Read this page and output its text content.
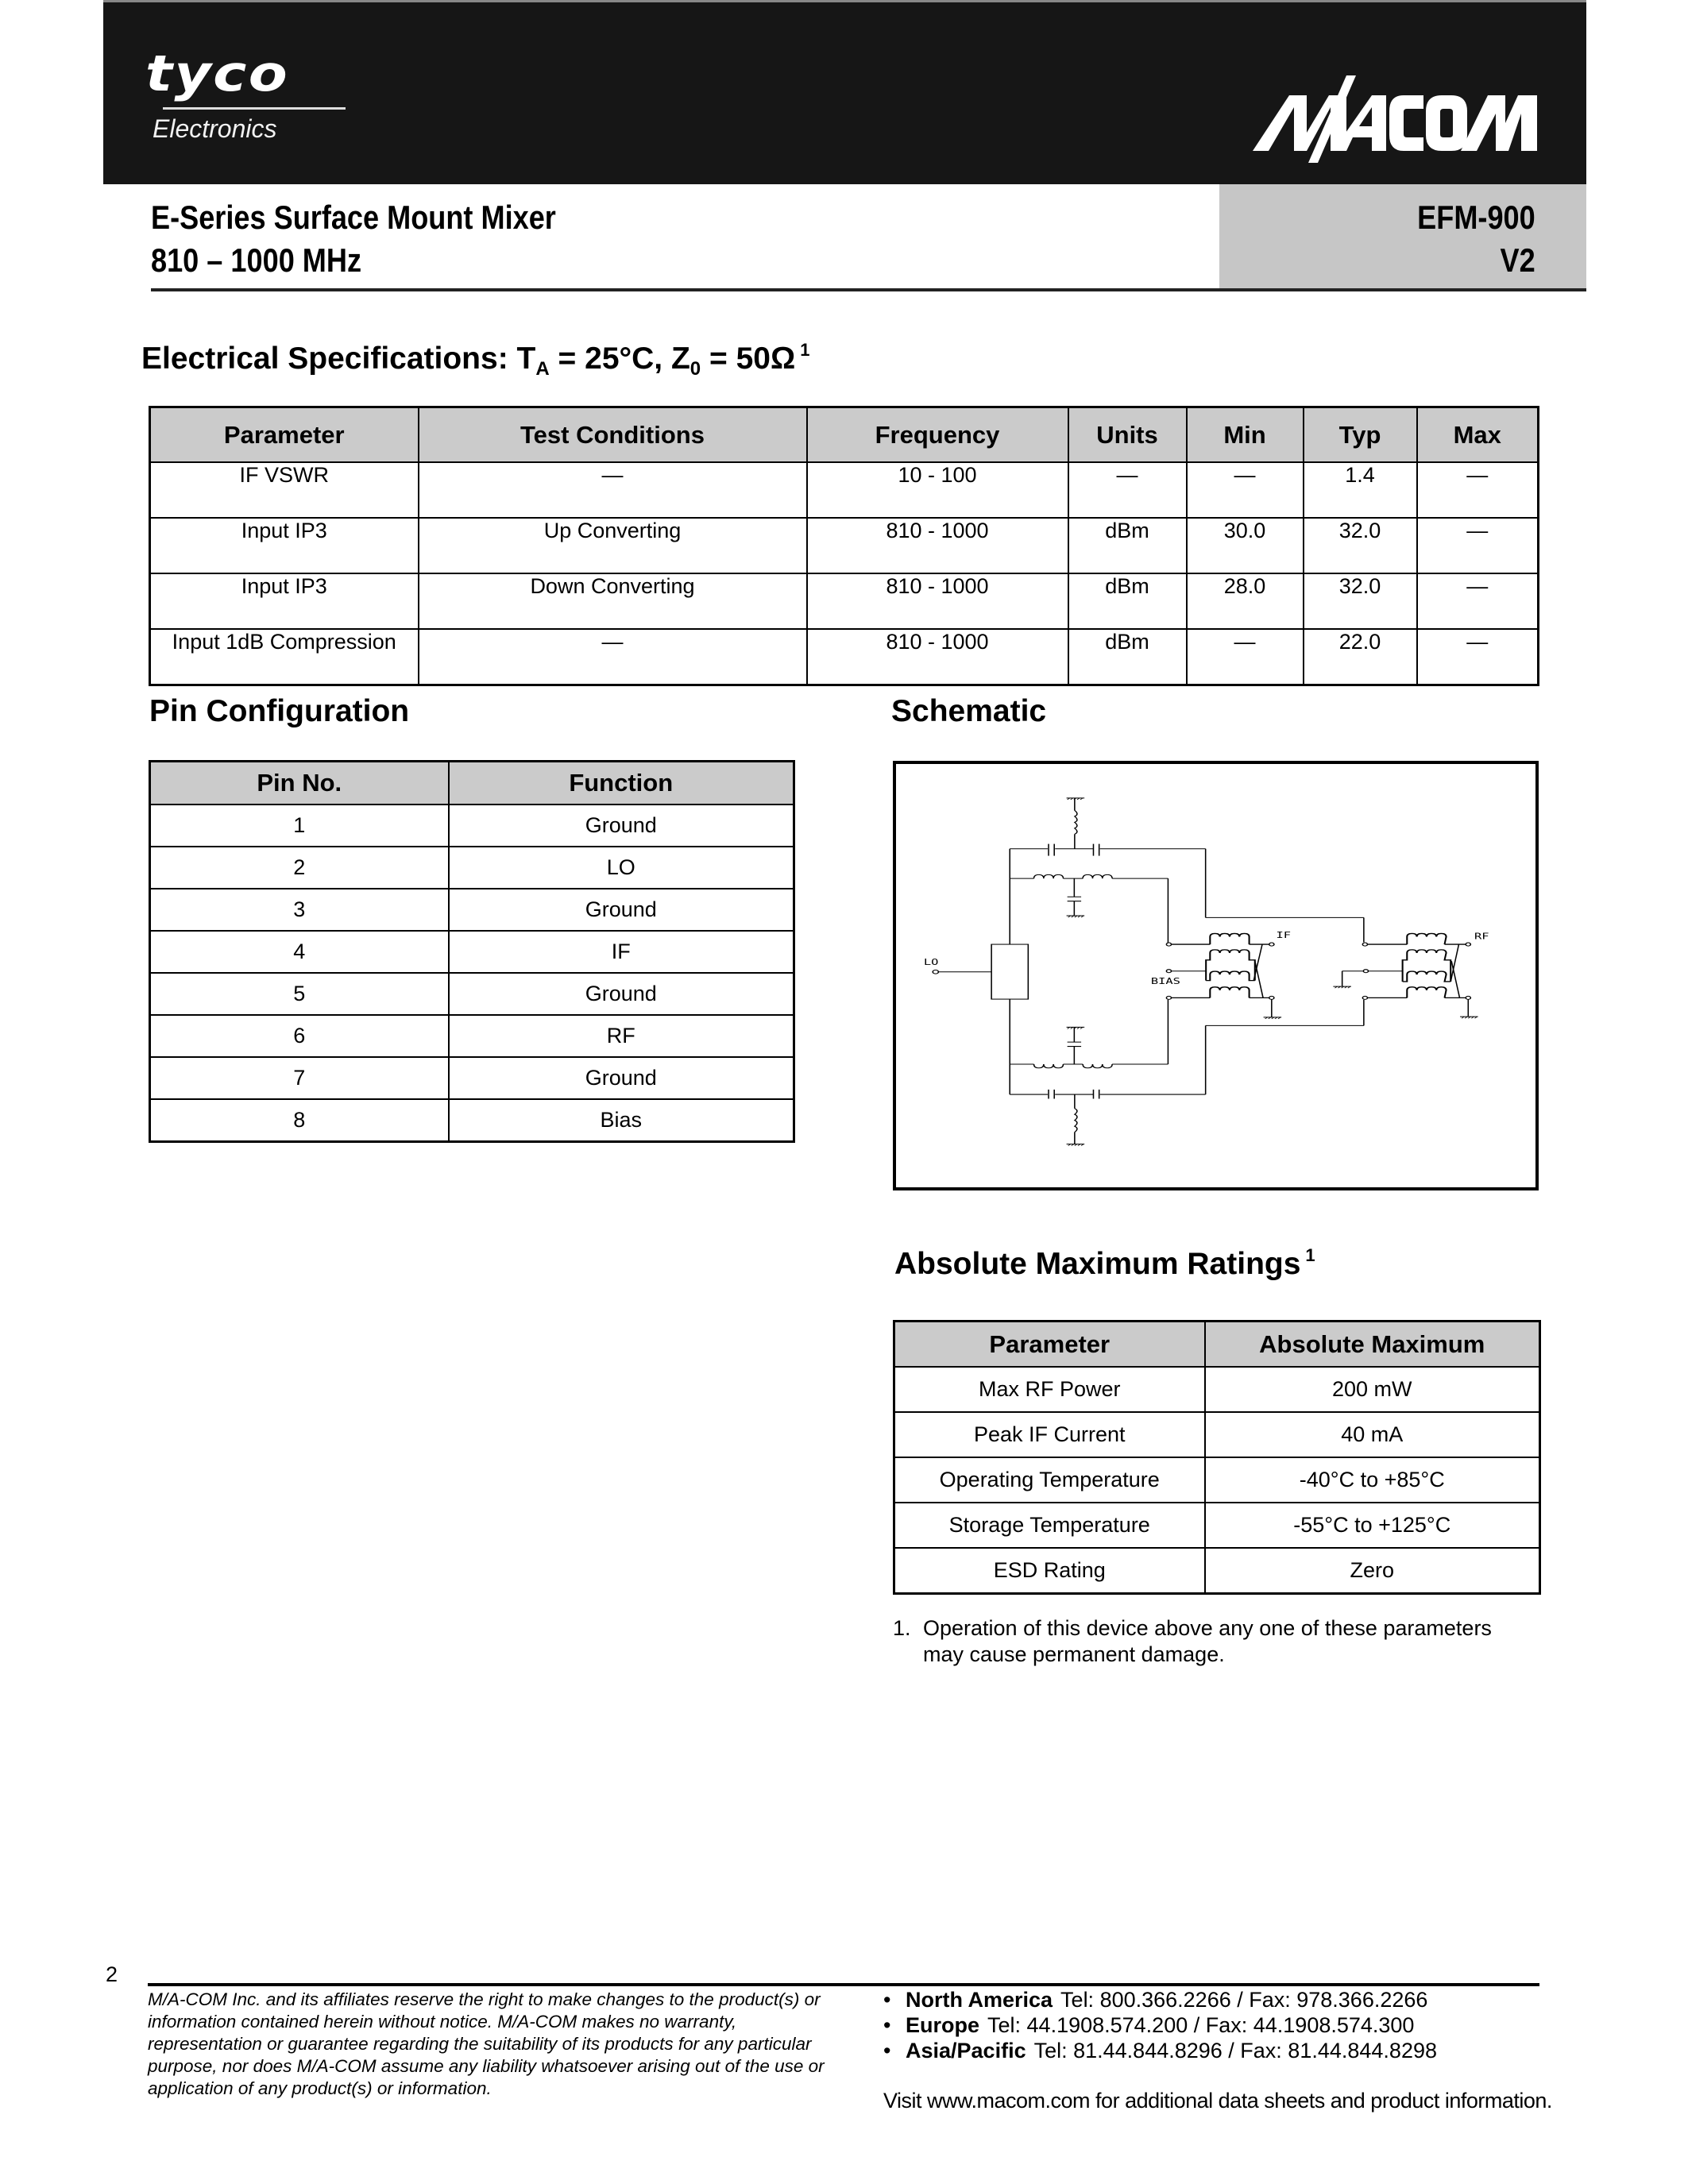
tyco
Electronics
E-Series Surface Mount Mixer
810 – 1000 MHz
EFM-900
V2
Electrical Specifications: $T_A = 25^\circ C$, $Z_0 = 50\Omega$ $^1$
Parameter	Test Conditions	Frequency	Units	Min	Typ	Max
IF VSWR	—	10 - 100	—	—	1.4	—
Input IP3	Up Converting	810 - 1000	dBm	30.0	32.0	—
Input IP3	Down Converting	810 - 1000	dBm	28.0	32.0	—
Input 1dB Compression	—	810 - 1000	dBm	—	22.0	—
Pin Configuration
Pin No.	Function
1	Ground
2	LO
3	Ground
4	IF
5	Ground
6	RF
7	Ground
8	Bias
Schematic
LO
IF
BIAS
RF
Absolute Maximum Ratings $^1$
Parameter	Absolute Maximum
Max RF Power	200 mW
Peak IF Current	40 mA
Operating Temperature	-40°C to +85°C
Storage Temperature	-55°C to +125°C
ESD Rating	Zero
1. Operation of this device above any one of these parameters
may cause permanent damage.
2
M/A-COM Inc. and its affiliates reserve the right to make changes to the product(s) or information contained herein without notice. M/A-COM makes no warranty, representation or guarantee regarding the suitability of its products for any particular purpose, nor does M/A-COM assume any liability whatsoever arising out of the use or application of any product(s) or information.
• North America Tel: 800.366.2266 / Fax: 978.366.2266
• Europe Tel: 44.1908.574.200 / Fax: 44.1908.574.300
• Asia/Pacific Tel: 81.44.844.8296 / Fax: 81.44.844.8298
Visit www.macom.com for additional data sheets and product information.
